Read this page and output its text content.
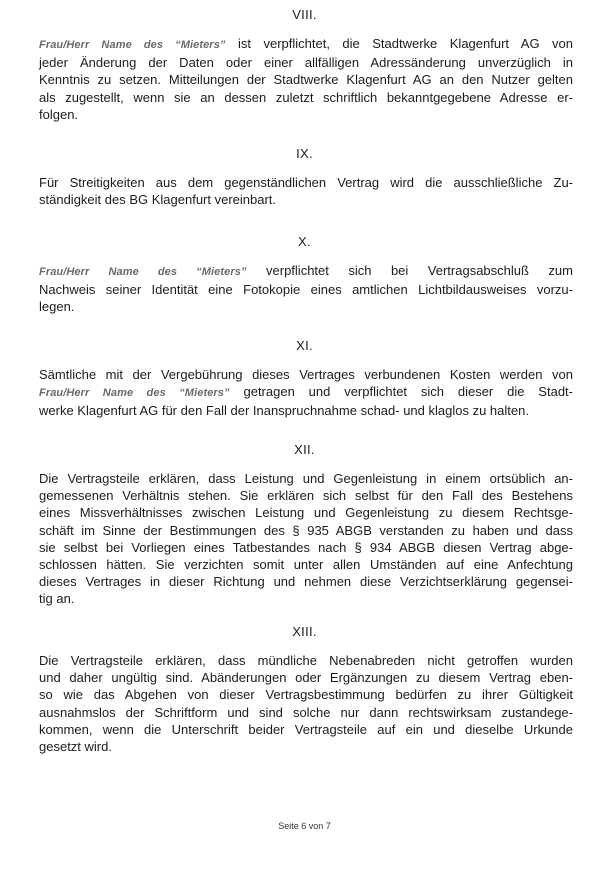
VIII.
Frau/Herr Name des “Mieters” ist verpflichtet, die Stadtwerke Klagenfurt AG von
jeder Änderung der Daten oder einer allfälligen Adressänderung unverzüglich in
Kenntnis zu setzen. Mitteilungen der Stadtwerke Klagenfurt AG an den Nutzer gelten
als zugestellt, wenn sie an dessen zuletzt schriftlich bekanntgegebene Adresse er-
folgen.
IX.
Für Streitigkeiten aus dem gegenständlichen Vertrag wird die ausschließliche Zu-
ständigkeit des BG Klagenfurt vereinbart.
X.
Frau/Herr Name des “Mieters” verpflichtet sich bei Vertragsabschluß zum
Nachweis seiner Identität eine Fotokopie eines amtlichen Lichtbildausweises vorzu-
legen.
XI.
Sämtliche mit der Vergebührung dieses Vertrages verbundenen Kosten werden von
Frau/Herr Name des “Mieters” getragen und verpflichtet sich dieser die Stadt-
werke Klagenfurt AG für den Fall der Inanspruchnahme schad- und klaglos zu halten.
XII.
Die Vertragsteile erklären, dass Leistung und Gegenleistung in einem ortsüblich an-
gemessenen Verhältnis stehen. Sie erklären sich selbst für den Fall des Bestehens
eines Missverhältnisses zwischen Leistung und Gegenleistung zu diesem Rechtsge-
schäft im Sinne der Bestimmungen des § 935 ABGB verstanden zu haben und dass
sie selbst bei Vorliegen eines Tatbestandes nach § 934 ABGB diesen Vertrag abge-
schlossen hätten. Sie verzichten somit unter allen Umständen auf eine Anfechtung
dieses Vertrages in dieser Richtung und nehmen diese Verzichtserklärung gegensei-
tig an.
XIII.
Die Vertragsteile erklären, dass mündliche Nebenabreden nicht getroffen wurden
und daher ungültig sind. Abänderungen oder Ergänzungen zu diesem Vertrag eben-
so wie das Abgehen von dieser Vertragsbestimmung bedürfen zu ihrer Gültigkeit
ausnahmslos der Schriftform und sind solche nur dann rechtswirksam zustandege-
kommen, wenn die Unterschrift beider Vertragsteile auf ein und dieselbe Urkunde
gesetzt wird.
Seite 6 von 7
